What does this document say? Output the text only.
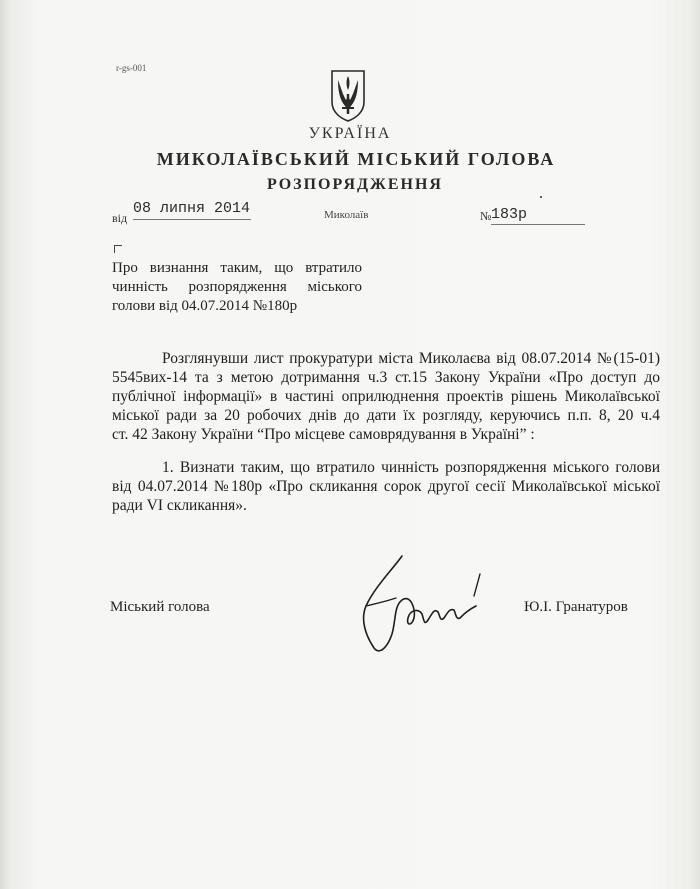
r-gs-001
УКРАЇНА
МИКОЛАЇВСЬКИЙ МІСЬКИЙ ГОЛОВА
РОЗПОРЯДЖЕННЯ
від
08 липня 2014	Миколаїв	№ 183р
Про визнання таким, що втратило
чинність розпорядження міського
голови від 04.07.2014 №180р
Розглянувши лист прокуратури міста Миколаєва від 08.07.2014 №(15-01)
5545вих-14 та з метою дотримання ч.3 ст.15 Закону України «Про доступ до
публічної інформації» в частині оприлюднення проектів рішень Миколаївської
міської ради за 20 робочих днів до дати їх розгляду, керуючись п.п. 8, 20 ч.4
ст. 42 Закону України “Про місцеве самоврядування в Україні” :
1. Визнати таким, що втратило чинність розпорядження міського голови
від 04.07.2014 №180р «Про скликання сорок другої сесії Миколаївської міської
ради VI скликання».
Міський голова	Ю.І. Гранатуров
